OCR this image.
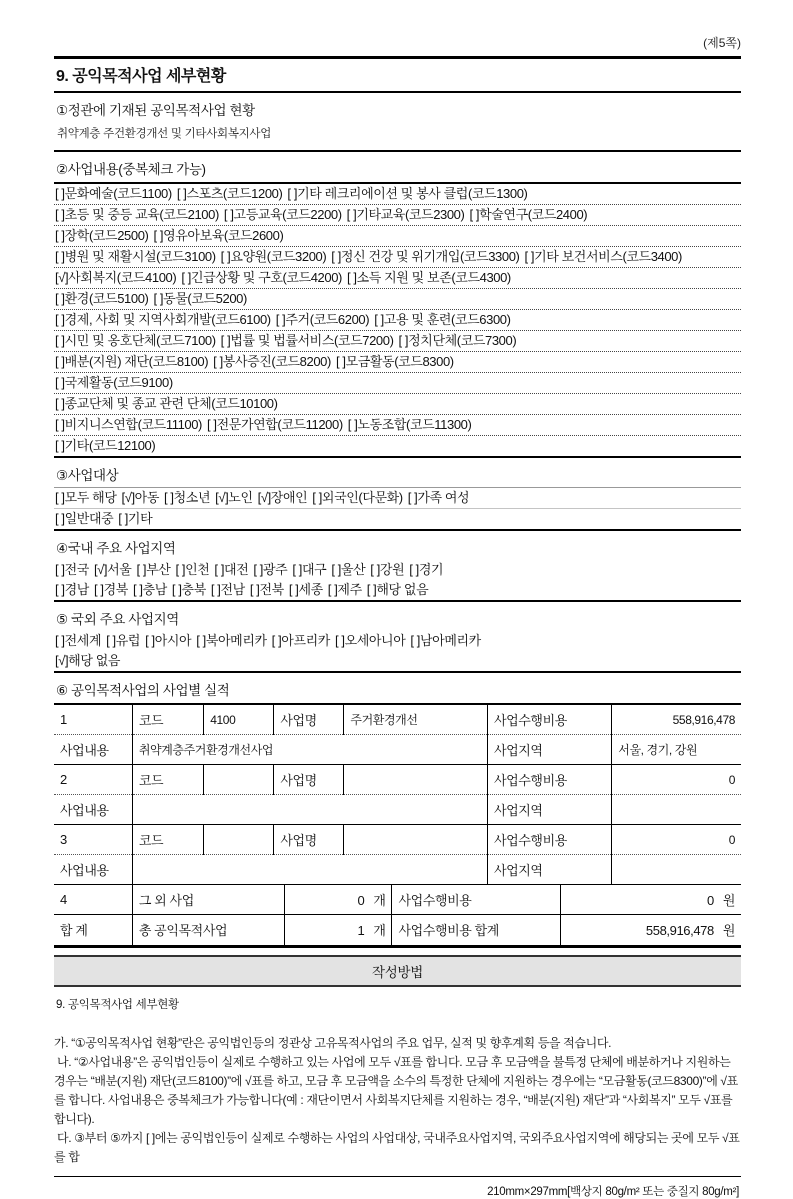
(제5쪽)
9. 공익목적사업 세부현황
①정관에 기재된 공익목적사업 현황
취약계층 주건환경개선 및 기타사회복지사업
②사업내용(중복체크 가능)
[ ]문화예술(코드1100) [ ]스포츠(코드1200) [ ]기타 레크리에이션 및 봉사 클럽(코드1300)
[ ]초등 및 중등 교육(코드2100) [ ]고등교육(코드2200) [ ]기타교육(코드2300) [ ]학술연구(코드2400)
[ ]장학(코드2500) [ ]영유아보육(코드2600)
[ ]병원 및 재활시설(코드3100) [ ]요양원(코드3200) [ ]정신 건강 및 위기개입(코드3300) [ ]기타 보건서비스(코드3400)
[√]사회복지(코드4100) [ ]긴급상황 및 구호(코드4200) [ ]소득 지원 및 보존(코드4300)
[ ]환경(코드5100) [ ]동물(코드5200)
[ ]경제, 사회 및 지역사회개발(코드6100) [ ]주거(코드6200) [ ]고용 및 훈련(코드6300)
[ ]시민 및 옹호단체(코드7100) [ ]법률 및 법률서비스(코드7200) [ ]정치단체(코드7300)
[ ]배분(지원) 재단(코드8100) [ ]봉사증진(코드8200) [ ]모금활동(코드8300)
[ ]국제활동(코드9100)
[ ]종교단체 및 종교 관련 단체(코드10100)
[ ]비지니스연합(코드11100) [ ]전문가연합(코드11200) [ ]노동조합(코드11300)
[ ]기타(코드12100)
③사업대상
[ ]모두 해당 [√]아동 [ ]청소년 [√]노인 [√]장애인 [ ]외국인(다문화) [ ]가족 여성
[ ]일반대중 [ ]기타
④국내 주요 사업지역
[ ]전국 [√]서울 [ ]부산 [ ]인천 [ ]대전 [ ]광주 [ ]대구 [ ]울산 [ ]강원 [ ]경기
[ ]경남 [ ]경북 [ ]충남 [ ]충북 [ ]전남 [ ]전북 [ ]세종 [ ]제주 [ ]해당 없음
⑤ 국외 주요 사업지역
[ ]전세계 [ ]유럽 [ ]아시아 [ ]북아메리카 [ ]아프리카 [ ]오세아니아 [ ]남아메리카
[√]해당 없음
⑥ 공익목적사업의 사업별 실적
1	코드	4100	사업명	주거환경개선	사업수행비용	558,916,478
사업내용	취약계층주거환경개선사업				사업지역	서울, 경기, 강원
2	코드		사업명		사업수행비용	0
사업내용					사업지역	
3	코드		사업명		사업수행비용	0
사업내용					사업지역	
4	그 외 사업	0 개	사업수행비용	0 원
합 계	총 공익목적사업	1 개	사업수행비용 합계	558,916,478 원
작성방법
9. 공익목적사업 세부현황

가. “①공익목적사업 현황”란은 공익법인등의 정관상 고유목적사업의 주요 업무, 실적 및 향후계획 등을 적습니다.

나. “②사업내용”은 공익법인등이 실제로 수행하고 있는 사업에 모두 √표를 합니다. 모금 후 모금액을 불특정 단체에 배분하거나 지원하는 경우는 “배분(지원) 재단(코드8100)”에 √표를 하고, 모금 후 모금액을 소수의 특정한 단체에 지원하는 경우에는 “모금활동(코드8300)”에 √표를 합니다. 사업내용은 중복체크가 가능합니다(예 : 재단이면서 사회복지단체를 지원하는 경우, “배분(지원) 재단”과 “사회복지” 모두 √표를 합니다).

다. ③부터 ⑤까지 [ ]에는 공익법인등이 실제로 수행하는 사업의 사업대상, 국내주요사업지역, 국외주요사업지역에 해당되는 곳에 모두 √표를 합

210mm×297mm[백상지 80g/m² 또는 중질지 80g/m²]
